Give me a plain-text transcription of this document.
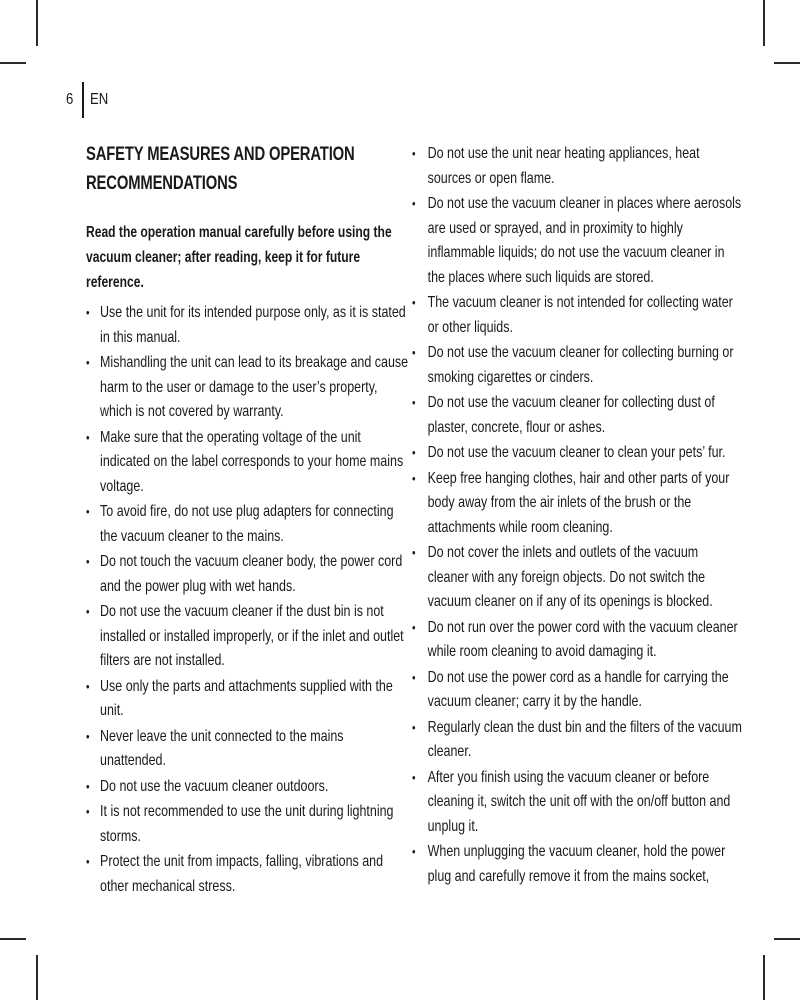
6	EN
SAFETY MEASURES AND OPERATION RECOMMENDATIONS
Read the operation manual carefully before using the vacuum cleaner; after reading, keep it for future reference.
• Use the unit for its intended purpose only, as it is stated in this manual.
• Mishandling the unit can lead to its breakage and cause harm to the user or damage to the user’s property, which is not covered by warranty.
• Make sure that the operating voltage of the unit indicated on the label corresponds to your home mains voltage.
• To avoid fire, do not use plug adapters for connecting the vacuum cleaner to the mains.
• Do not touch the vacuum cleaner body, the power cord and the power plug with wet hands.
• Do not use the vacuum cleaner if the dust bin is not installed or installed improperly, or if the inlet and outlet filters are not installed.
• Use only the parts and attachments supplied with the unit.
• Never leave the unit connected to the mains unattended.
• Do not use the vacuum cleaner outdoors.
• It is not recommended to use the unit during lightning storms.
• Protect the unit from impacts, falling, vibrations and other mechanical stress.
• Do not use the unit near heating appliances, heat sources or open flame.
• Do not use the vacuum cleaner in places where aerosols are used or sprayed, and in proximity to highly inflammable liquids; do not use the vacuum cleaner in the places where such liquids are stored.
• The vacuum cleaner is not intended for collecting water or other liquids.
• Do not use the vacuum cleaner for collecting burning or smoking cigarettes or cinders.
• Do not use the vacuum cleaner for collecting dust of plaster, concrete, flour or ashes.
• Do not use the vacuum cleaner to clean your pets’ fur.
• Keep free hanging clothes, hair and other parts of your body away from the air inlets of the brush or the attachments while room cleaning.
• Do not cover the inlets and outlets of the vacuum cleaner with any foreign objects. Do not switch the vacuum cleaner on if any of its openings is blocked.
• Do not run over the power cord with the vacuum cleaner while room cleaning to avoid damaging it.
• Do not use the power cord as a handle for carrying the vacuum cleaner; carry it by the handle.
• Regularly clean the dust bin and the filters of the vacuum cleaner.
• After you finish using the vacuum cleaner or before cleaning it, switch the unit off with the on/off button and unplug it.
• When unplugging the vacuum cleaner, hold the power plug and carefully remove it from the mains socket,
